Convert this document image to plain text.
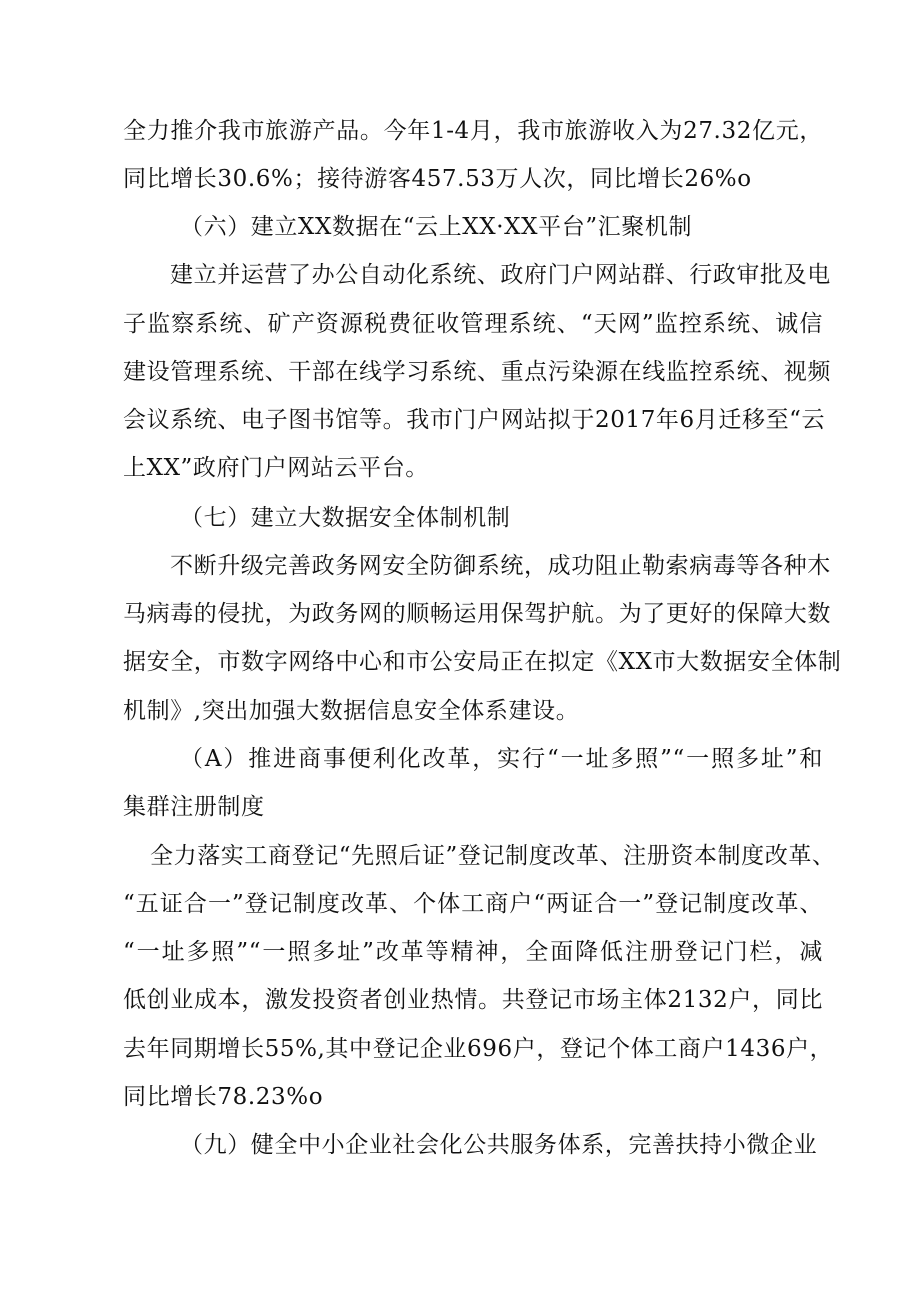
全力推介我市旅游产品。今年1-4月，我市旅游收入为27.32亿元，
同比增长30.6%；接待游客457.53万人次，同比增长26%o
（六）建立XX数据在“云上XX·XX平台”汇聚机制
建立并运营了办公自动化系统、政府门户网站群、行政审批及电
子监察系统、矿产资源税费征收管理系统、“天网”监控系统、诚信
建设管理系统、干部在线学习系统、重点污染源在线监控系统、视频
会议系统、电子图书馆等。我市门户网站拟于2017年6月迁移至“云
上XX”政府门户网站云平台。
（七）建立大数据安全体制机制
不断升级完善政务网安全防御系统，成功阻止勒索病毒等各种木
马病毒的侵扰，为政务网的顺畅运用保驾护航。为了更好的保障大数
据安全，市数字网络中心和市公安局正在拟定《XX市大数据安全体制
机制》,突出加强大数据信息安全体系建设。
（A）推进商事便利化改革，实行“一址多照”“一照多址”和
集群注册制度
全力落实工商登记“先照后证”登记制度改革、注册资本制度改革、
“五证合一”登记制度改革、个体工商户“两证合一”登记制度改革、
“一址多照”“一照多址”改革等精神，全面降低注册登记门栏，减
低创业成本，激发投资者创业热情。共登记市场主体2132户，同比
去年同期增长55%,其中登记企业696户，登记个体工商户1436户，
同比增长78.23%o
（九）健全中小企业社会化公共服务体系，完善扶持小微企业
